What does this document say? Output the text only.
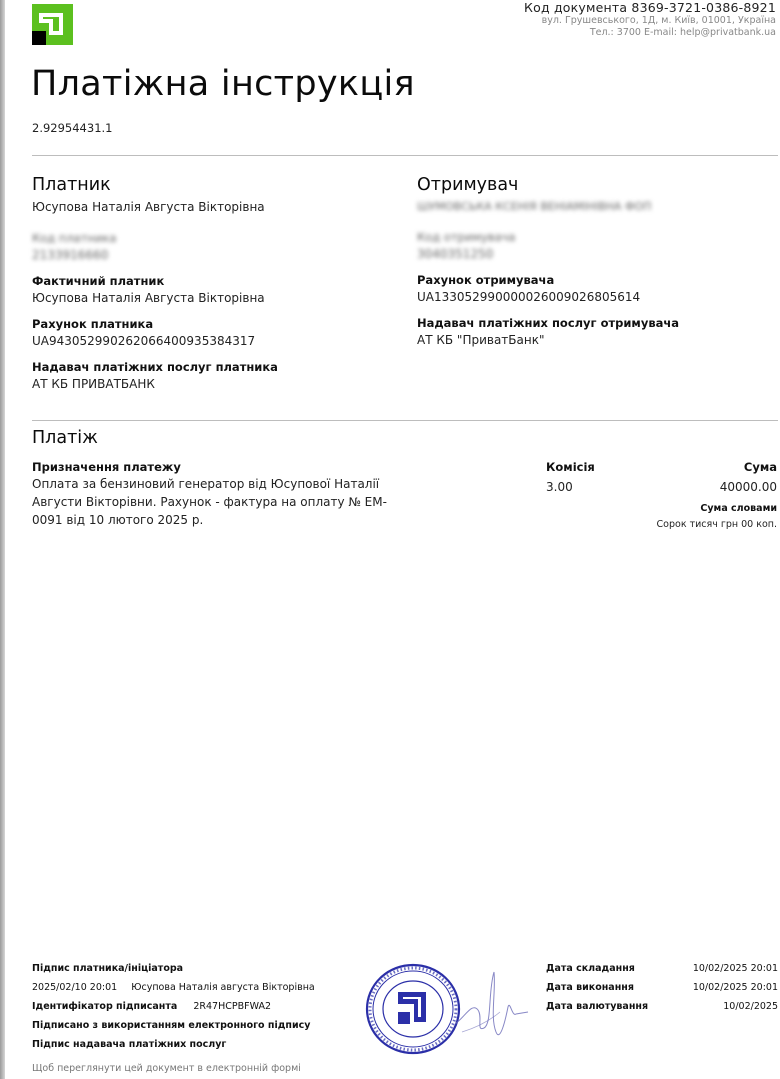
Код документа 8369-3721-0386-8921
вул. Грушевського, 1Д, м. Київ, 01001, Україна
Тел.: 3700 E-mail: help@privatbank.ua
Платіжна інструкція
2.92954431.1
Платник
Юсупова Наталія Августа Вікторівна
Код платника
2133916660
Фактичний платник
Юсупова Наталія Августа Вікторівна
Рахунок платника
UA943052990262066400935384317
Надавач платіжних послуг платника
АТ КБ ПРИВАТБАНК
Отримувач
ШУМОВСЬКА КСЕНІЯ ВЕНІАМІНІВНА ФОП
Код отримувача
3040351250
Рахунок отримувача
UA133052990000026009026805614
Надавач платіжних послуг отримувача
АТ КБ "ПриватБанк"
Платіж
Призначення платежу
Оплата за бензиновий генератор від Юсупової Наталії
Августи Вікторівни. Рахунок - фактура на оплату № ЕМ-
0091 від 10 лютого 2025 р.
Комісія
3.00
Сума
40000.00
Сума словами
Сорок тисяч грн 00 коп.
Підпис платника/ініціатора
2025/02/10 20:01 Юсупова Наталія августа Вікторівна
Ідентифікатор підписанта 2R47HCPBFWA2
Підписано з використанням електронного підпису
Підпис надавача платіжних послуг
Щоб переглянути цей документ в електронній формі
Дата складання	10/02/2025 20:01
Дата виконання	10/02/2025 20:01
Дата валютування	10/02/2025
